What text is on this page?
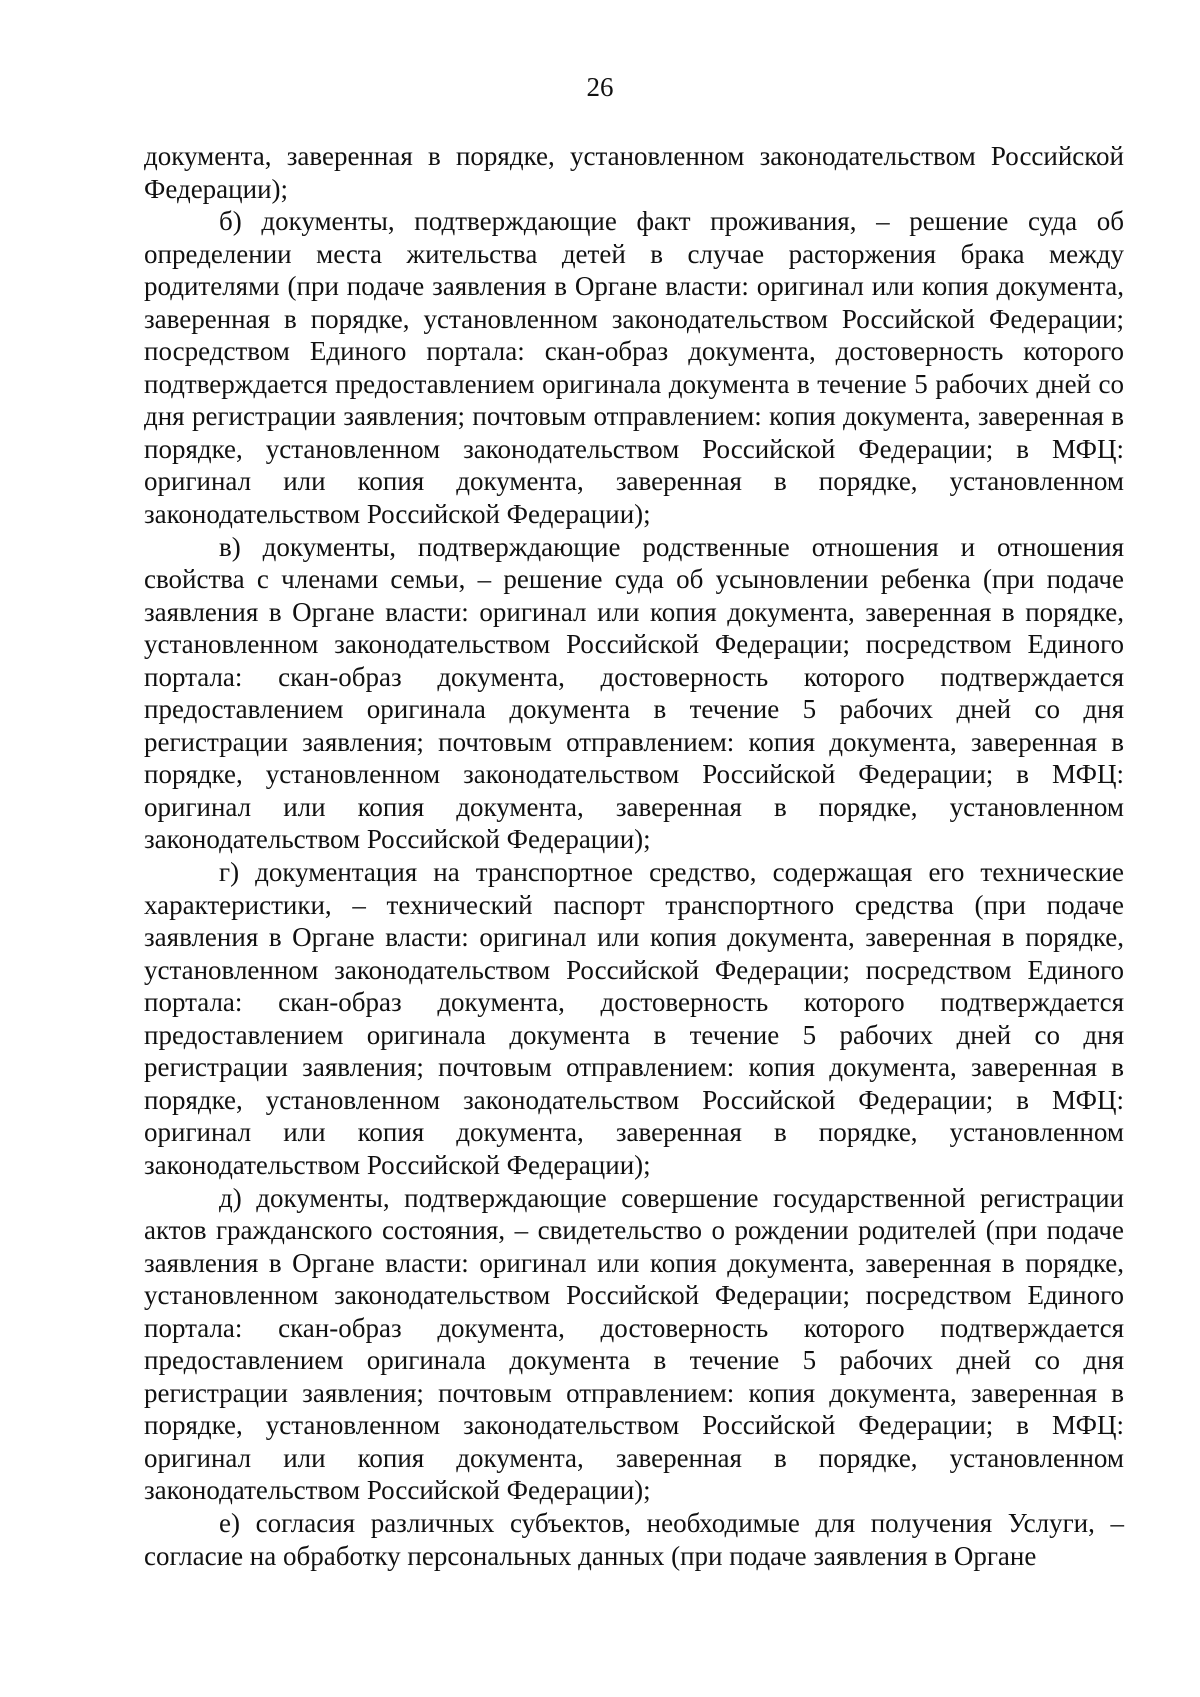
26

документа, заверенная в порядке, установленном законодательством Российской Федерации);

б) документы, подтверждающие факт проживания, – решение суда об определении места жительства детей в случае расторжения брака между родителями (при подаче заявления в Органе власти: оригинал или копия документа, заверенная в порядке, установленном законодательством Российской Федерации; посредством Единого портала: скан-образ документа, достоверность которого подтверждается предоставлением оригинала документа в течение 5 рабочих дней со дня регистрации заявления; почтовым отправлением: копия документа, заверенная в порядке, установленном законодательством Российской Федерации; в МФЦ: оригинал или копия документа, заверенная в порядке, установленном законодательством Российской Федерации);

в) документы, подтверждающие родственные отношения и отношения свойства с членами семьи, – решение суда об усыновлении ребенка (при подаче заявления в Органе власти: оригинал или копия документа, заверенная в порядке, установленном законодательством Российской Федерации; посредством Единого портала: скан-образ документа, достоверность которого подтверждается предоставлением оригинала документа в течение 5 рабочих дней со дня регистрации заявления; почтовым отправлением: копия документа, заверенная в порядке, установленном законодательством Российской Федерации; в МФЦ: оригинал или копия документа, заверенная в порядке, установленном законодательством Российской Федерации);

г) документация на транспортное средство, содержащая его технические характеристики, – технический паспорт транспортного средства (при подаче заявления в Органе власти: оригинал или копия документа, заверенная в порядке, установленном законодательством Российской Федерации; посредством Единого портала: скан-образ документа, достоверность которого подтверждается предоставлением оригинала документа в течение 5 рабочих дней со дня регистрации заявления; почтовым отправлением: копия документа, заверенная в порядке, установленном законодательством Российской Федерации; в МФЦ: оригинал или копия документа, заверенная в порядке, установленном законодательством Российской Федерации);

д) документы, подтверждающие совершение государственной регистрации актов гражданского состояния, – свидетельство о рождении родителей (при подаче заявления в Органе власти: оригинал или копия документа, заверенная в порядке, установленном законодательством Российской Федерации; посредством Единого портала: скан-образ документа, достоверность которого подтверждается предоставлением оригинала документа в течение 5 рабочих дней со дня регистрации заявления; почтовым отправлением: копия документа, заверенная в порядке, установленном законодательством Российской Федерации; в МФЦ: оригинал или копия документа, заверенная в порядке, установленном законодательством Российской Федерации);

е) согласия различных субъектов, необходимые для получения Услуги, – согласие на обработку персональных данных (при подаче заявления в Органе
